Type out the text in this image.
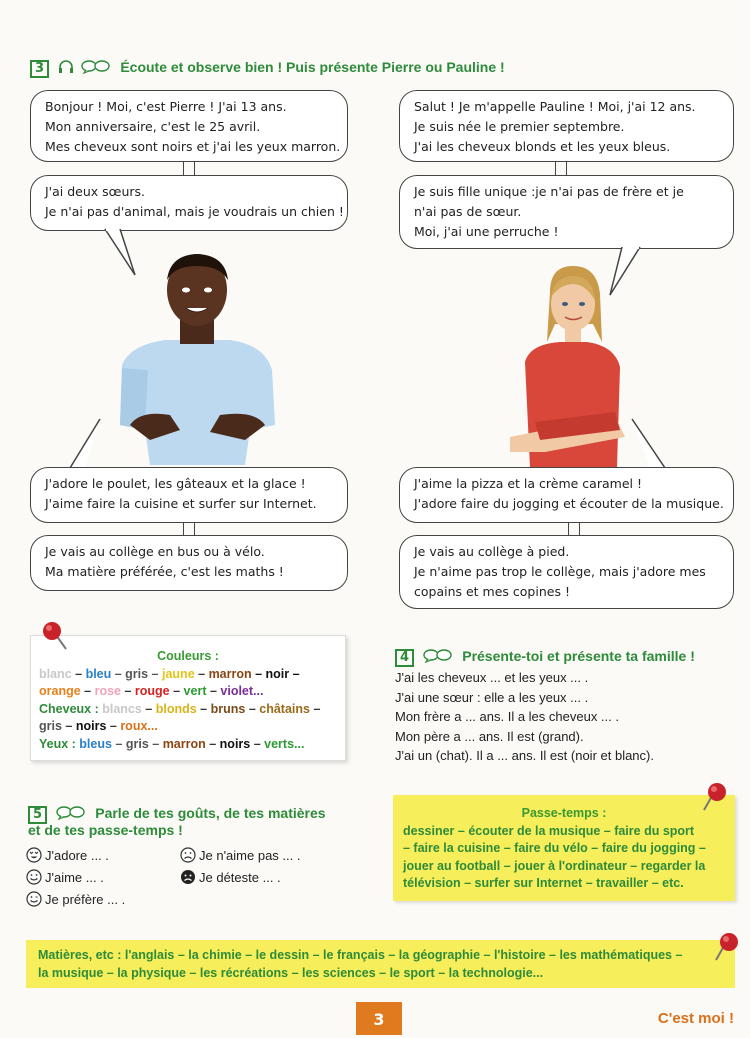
3	Écoute et observe bien ! Puis présente Pierre ou Pauline !
Bonjour ! Moi, c'est Pierre ! J'ai 13 ans.
Mon anniversaire, c'est le 25 avril.
Mes cheveux sont noirs et j'ai les yeux marron.
J'ai deux sœurs.
Je n'ai pas d'animal, mais je voudrais un chien !
Salut ! Je m'appelle Pauline ! Moi, j'ai 12 ans.
Je suis née le premier septembre.
J'ai les cheveux blonds et les yeux bleus.
Je suis fille unique :je n'ai pas de frère et je
n'ai pas de sœur.
Moi, j'ai une perruche !
J'adore le poulet, les gâteaux et la glace !
J'aime faire la cuisine et surfer sur Internet.
Je vais au collège en bus ou à vélo.
Ma matière préférée, c'est les maths !
J'aime la pizza et la crème caramel !
J'adore faire du jogging et écouter de la musique.
Je vais au collège à pied.
Je n'aime pas trop le collège, mais j'adore mes
copains et mes copines !
Couleurs :
blanc – bleu – gris – jaune – marron – noir –
orange – rose – rouge – vert – violet...
Cheveux : blancs – blonds – bruns – châtains –
gris – noirs – roux...
Yeux : bleus – gris – marron – noirs – verts...
4	Présente-toi et présente ta famille !
J'ai les cheveux ... et les yeux ... .
J'ai une sœur : elle a les yeux ... .
Mon frère a ... ans. Il a les cheveux ... .
Mon père a ... ans. Il est (grand).
J'ai un (chat). Il a ... ans. Il est (noir et blanc).
5	Parle de tes goûts, de tes matières
et de tes passe-temps !
J'adore ... .
J'aime ... .
Je préfère ... .
Je n'aime pas ... .
Je déteste ... .
Passe-temps :
dessiner – écouter de la musique – faire du sport
– faire la cuisine – faire du vélo – faire du jogging –
jouer au football – jouer à l'ordinateur – regarder la
télévision – surfer sur Internet – travailler – etc.
Matières, etc : l'anglais – la chimie – le dessin – le français – la géographie – l'histoire – les mathématiques –
la musique – la physique – les récréations – les sciences – le sport – la technologie...
3	C'est moi !
